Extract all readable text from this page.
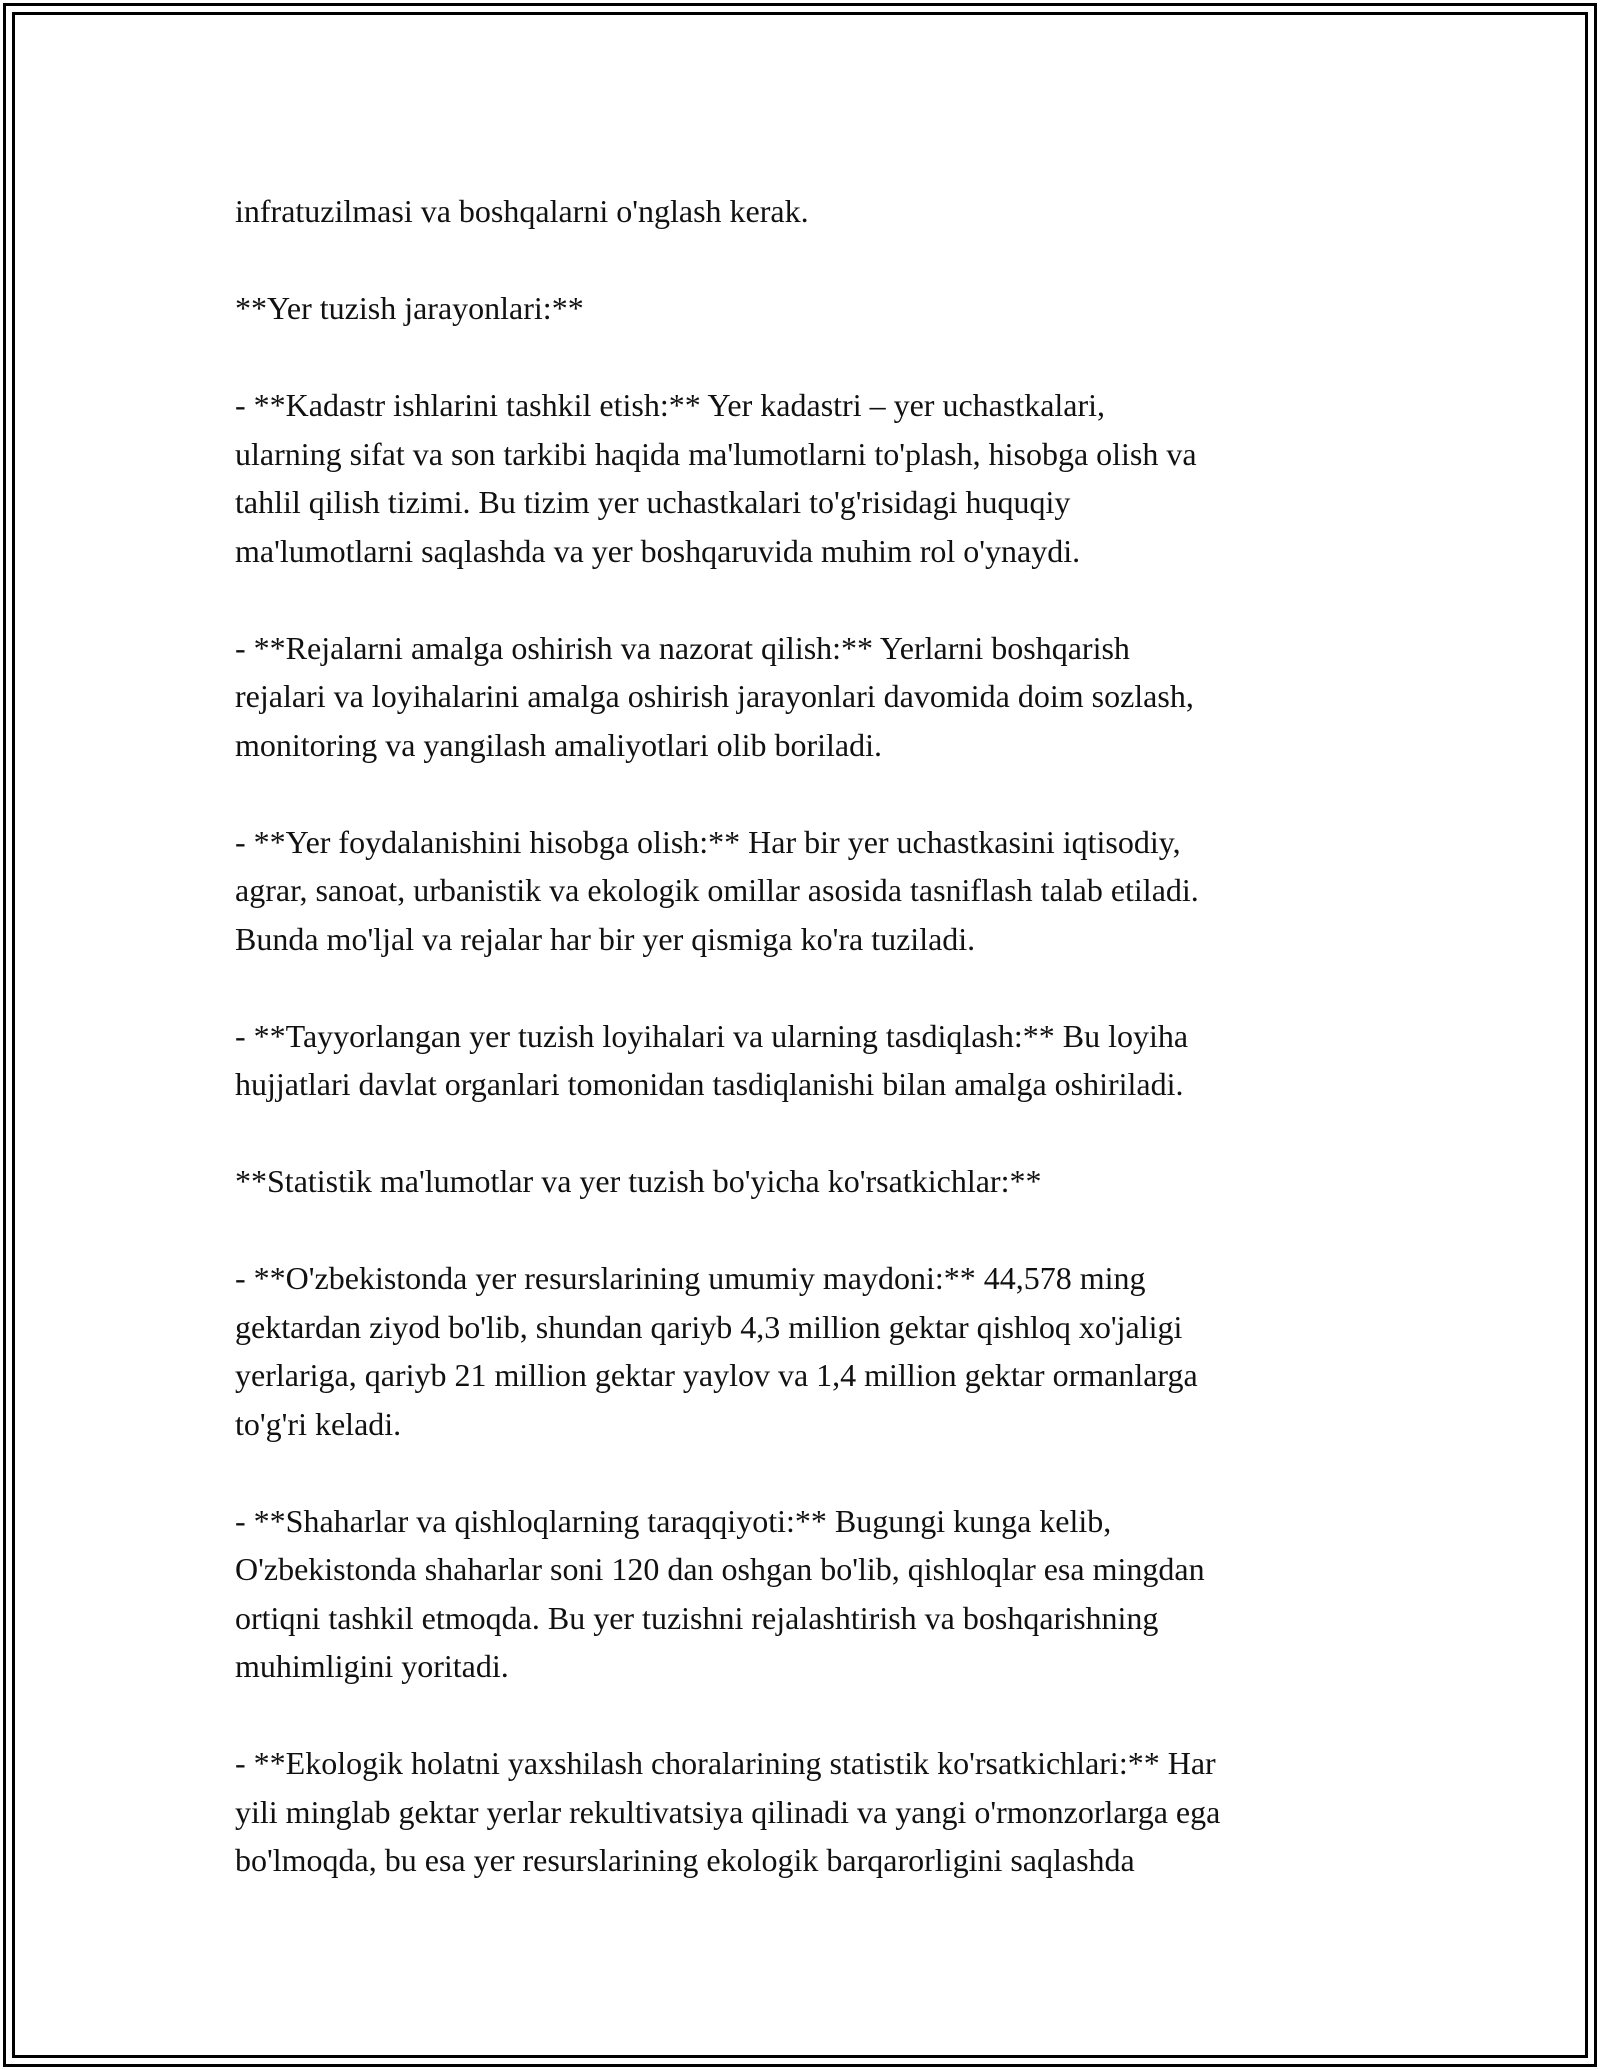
infratuzilmasi va boshqalarni o'nglash kerak.

**Yer tuzish jarayonlari:**

- **Kadastr ishlarini tashkil etish:** Yer kadastri – yer uchastkalari,
ularning sifat va son tarkibi haqida ma'lumotlarni to'plash, hisobga olish va
tahlil qilish tizimi. Bu tizim yer uchastkalari to'g'risidagi huquqiy
ma'lumotlarni saqlashda va yer boshqaruvida muhim rol o'ynaydi.

- **Rejalarni amalga oshirish va nazorat qilish:** Yerlarni boshqarish
rejalari va loyihalarini amalga oshirish jarayonlari davomida doim sozlash,
monitoring va yangilash amaliyotlari olib boriladi.

- **Yer foydalanishini hisobga olish:** Har bir yer uchastkasini iqtisodiy,
agrar, sanoat, urbanistik va ekologik omillar asosida tasniflash talab etiladi.
Bunda mo'ljal va rejalar har bir yer qismiga ko'ra tuziladi.

- **Tayyorlangan yer tuzish loyihalari va ularning tasdiqlash:** Bu loyiha
hujjatlari davlat organlari tomonidan tasdiqlanishi bilan amalga oshiriladi.

**Statistik ma'lumotlar va yer tuzish bo'yicha ko'rsatkichlar:**

- **O'zbekistonda yer resurslarining umumiy maydoni:** 44,578 ming
gektardan ziyod bo'lib, shundan qariyb 4,3 million gektar qishloq xo'jaligi
yerlariga, qariyb 21 million gektar yaylov va 1,4 million gektar ormanlarga
to'g'ri keladi.

- **Shaharlar va qishloqlarning taraqqiyoti:** Bugungi kunga kelib,
O'zbekistonda shaharlar soni 120 dan oshgan bo'lib, qishloqlar esa mingdan
ortiqni tashkil etmoqda. Bu yer tuzishni rejalashtirish va boshqarishning
muhimligini yoritadi.

- **Ekologik holatni yaxshilash choralarining statistik ko'rsatkichlari:** Har
yili minglab gektar yerlar rekultivatsiya qilinadi va yangi o'rmonzorlarga ega
bo'lmoqda, bu esa yer resurslarining ekologik barqarorligini saqlashda
